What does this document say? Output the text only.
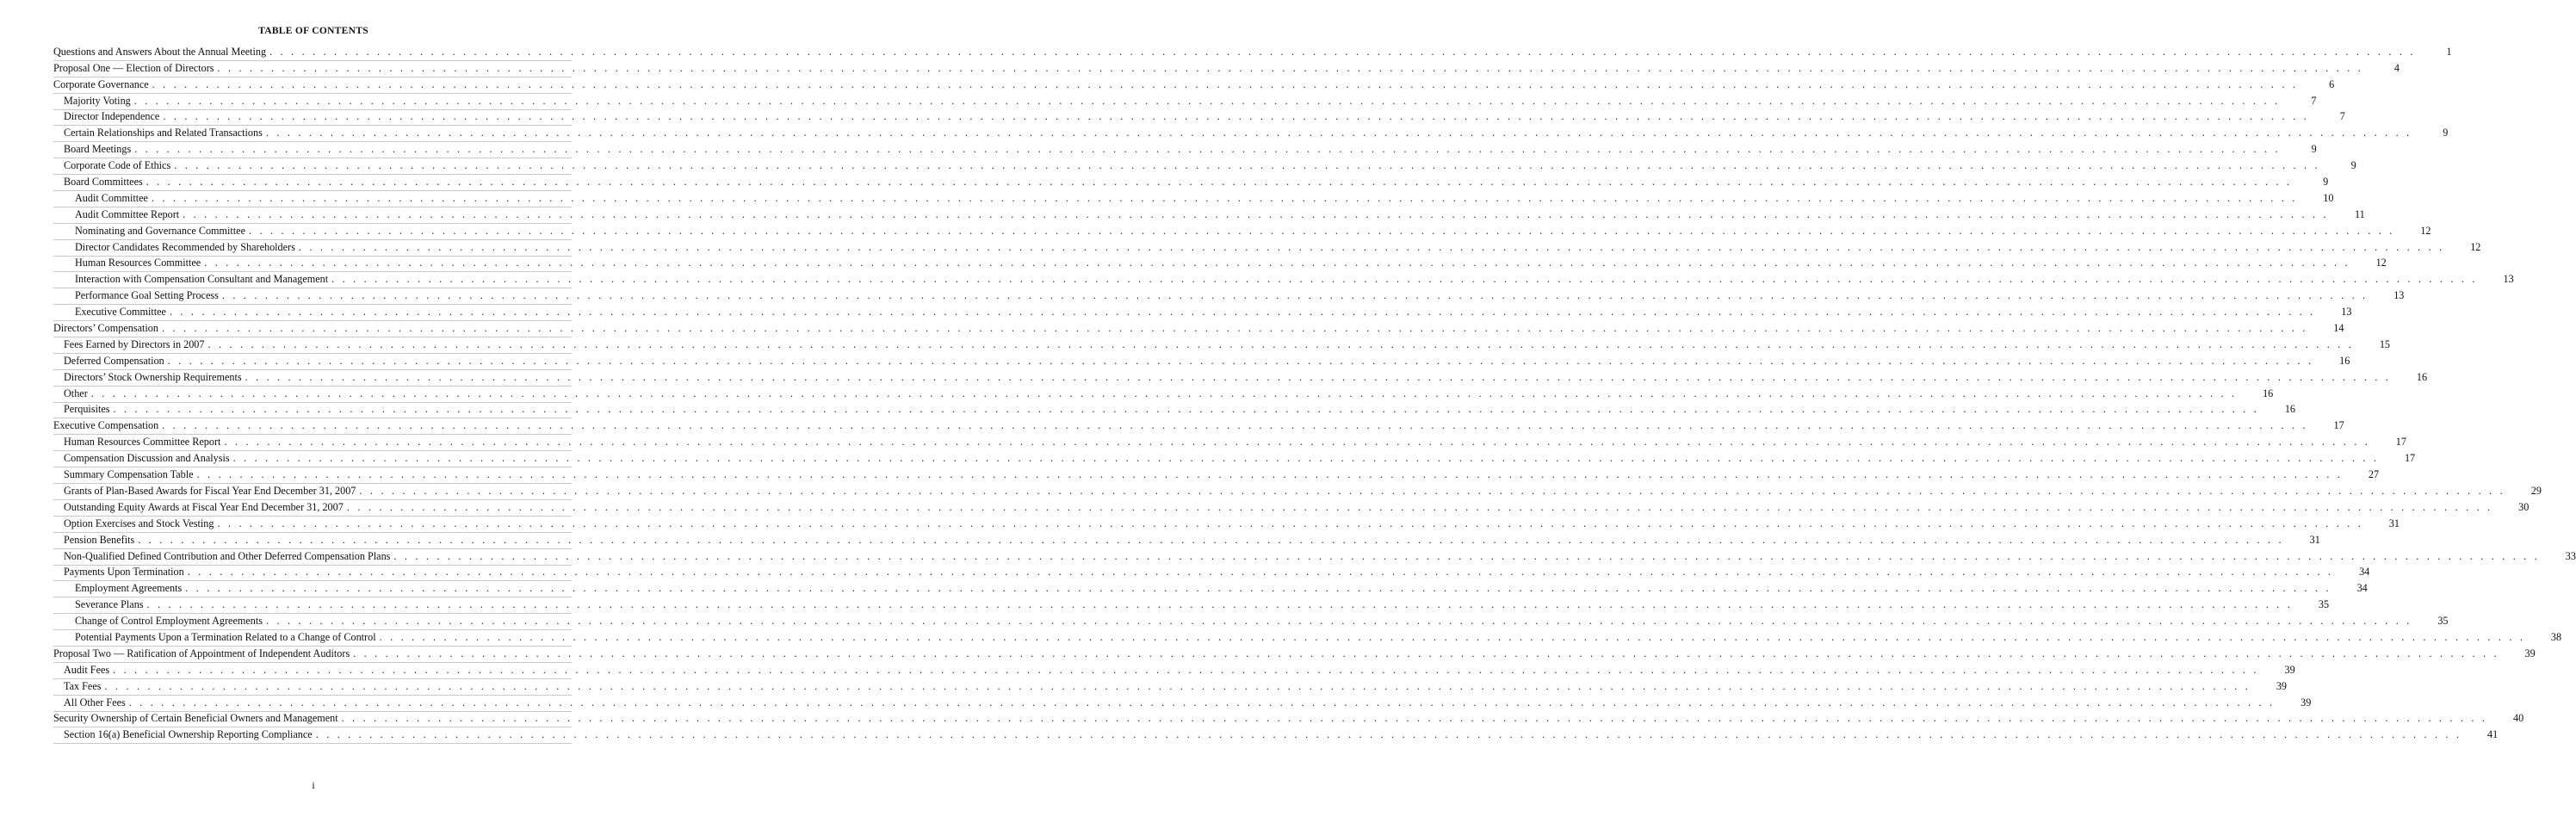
TABLE OF CONTENTS
Questions and Answers About the Annual Meeting . . . . . . . . . . . . . . . . . . . . . . . . . . . . . . . . . . . . . . . . . . . . . . . . . . . . . . . . . . . . . . . . . . . . . . . . . . . . . . . . . . . . . . . . . . . . . . . . . . . . . . . . . . . . . . . . . . . . . . . . . . . . . . . . . . . . . . . . . . . . . . . . . . . . . . . . . . . . . . . . . . . . . . . . . . . . . . . . . . . . . . . . . . . . . . . . . . . . . . . .	1
Proposal One — Election of Directors . . . . . . . . . . . . . . . . . . . . . . . . . . . . . . . . . . . . . . . . . . . . . . . . . . . . . . . . . . . . . . . . . . . . . . . . . . . . . . . . . . . . . . . . . . . . . . . . . . . . . . . . . . . . . . . . . . . . . . . . . . . . . . . . . . . . . . . . . . . . . . . . . . . . . . . . . . . . . . . . . . . . . . . . . . . . . . . . . . . . . . . . . . . . . . . . . . . . . . . .	4
Corporate Governance . . . . . . . . . . . . . . . . . . . . . . . . . . . . . . . . . . . . . . . . . . . . . . . . . . . . . . . . . . . . . . . . . . . . . . . . . . . . . . . . . . . . . . . . . . . . . . . . . . . . . . . . . . . . . . . . . . . . . . . . . . . . . . . . . . . . . . . . . . . . . . . . . . . . . . . . . . . . . . . . . . . . . . . . . . . . . . . . . . . . . . . . . . . . . . . . . . . . . . . .	6
Majority Voting . . . . . . . . . . . . . . . . . . . . . . . . . . . . . . . . . . . . . . . . . . . . . . . . . . . . . . . . . . . . . . . . . . . . . . . . . . . . . . . . . . . . . . . . . . . . . . . . . . . . . . . . . . . . . . . . . . . . . . . . . . . . . . . . . . . . . . . . . . . . . . . . . . . . . . . . . . . . . . . . . . . . . . . . . . . . . . . . . . . . . . . . . . . . . . . . . . . . . . . .	7
Director Independence . . . . . . . . . . . . . . . . . . . . . . . . . . . . . . . . . . . . . . . . . . . . . . . . . . . . . . . . . . . . . . . . . . . . . . . . . . . . . . . . . . . . . . . . . . . . . . . . . . . . . . . . . . . . . . . . . . . . . . . . . . . . . . . . . . . . . . . . . . . . . . . . . . . . . . . . . . . . . . . . . . . . . . . . . . . . . . . . . . . . . . . . . . . . . . . . . . . . . . . .	7
Certain Relationships and Related Transactions . . . . . . . . . . . . . . . . . . . . . . . . . . . . . . . . . . . . . . . . . . . . . . . . . . . . . . . . . . . . . . . . . . . . . . . . . . . . . . . . . . . . . . . . . . . . . . . . . . . . . . . . . . . . . . . . . . . . . . . . . . . . . . . . . . . . . . . . . . . . . . . . . . . . . . . . . . . . . . . . . . . . . . . . . . . . . . . . . . . . . . . . . . . . . . . . . . . . . . . .	9
Board Meetings . . . . . . . . . . . . . . . . . . . . . . . . . . . . . . . . . . . . . . . . . . . . . . . . . . . . . . . . . . . . . . . . . . . . . . . . . . . . . . . . . . . . . . . . . . . . . . . . . . . . . . . . . . . . . . . . . . . . . . . . . . . . . . . . . . . . . . . . . . . . . . . . . . . . . . . . . . . . . . . . . . . . . . . . . . . . . . . . . . . . . . . . . . . . . . . . . . . . . . . .	9
Corporate Code of Ethics . . . . . . . . . . . . . . . . . . . . . . . . . . . . . . . . . . . . . . . . . . . . . . . . . . . . . . . . . . . . . . . . . . . . . . . . . . . . . . . . . . . . . . . . . . . . . . . . . . . . . . . . . . . . . . . . . . . . . . . . . . . . . . . . . . . . . . . . . . . . . . . . . . . . . . . . . . . . . . . . . . . . . . . . . . . . . . . . . . . . . . . . . . . . . . . . . . . . . . . .	9
Board Committees . . . . . . . . . . . . . . . . . . . . . . . . . . . . . . . . . . . . . . . . . . . . . . . . . . . . . . . . . . . . . . . . . . . . . . . . . . . . . . . . . . . . . . . . . . . . . . . . . . . . . . . . . . . . . . . . . . . . . . . . . . . . . . . . . . . . . . . . . . . . . . . . . . . . . . . . . . . . . . . . . . . . . . . . . . . . . . . . . . . . . . . . . . . . . . . . . . . . . . . .	9
Audit Committee . . . . . . . . . . . . . . . . . . . . . . . . . . . . . . . . . . . . . . . . . . . . . . . . . . . . . . . . . . . . . . . . . . . . . . . . . . . . . . . . . . . . . . . . . . . . . . . . . . . . . . . . . . . . . . . . . . . . . . . . . . . . . . . . . . . . . . . . . . . . . . . . . . . . . . . . . . . . . . . . . . . . . . . . . . . . . . . . . . . . . . . . . . . . . . . . . . . . . . . .	10
Audit Committee Report . . . . . . . . . . . . . . . . . . . . . . . . . . . . . . . . . . . . . . . . . . . . . . . . . . . . . . . . . . . . . . . . . . . . . . . . . . . . . . . . . . . . . . . . . . . . . . . . . . . . . . . . . . . . . . . . . . . . . . . . . . . . . . . . . . . . . . . . . . . . . . . . . . . . . . . . . . . . . . . . . . . . . . . . . . . . . . . . . . . . . . . . . . . . . . . . . . . . . . . .	11
Nominating and Governance Committee . . . . . . . . . . . . . . . . . . . . . . . . . . . . . . . . . . . . . . . . . . . . . . . . . . . . . . . . . . . . . . . . . . . . . . . . . . . . . . . . . . . . . . . . . . . . . . . . . . . . . . . . . . . . . . . . . . . . . . . . . . . . . . . . . . . . . . . . . . . . . . . . . . . . . . . . . . . . . . . . . . . . . . . . . . . . . . . . . . . . . . . . . . . . . . . . . . . . . . . .	12
Director Candidates Recommended by Shareholders . . . . . . . . . . . . . . . . . . . . . . . . . . . . . . . . . . . . . . . . . . . . . . . . . . . . . . . . . . . . . . . . . . . . . . . . . . . . . . . . . . . . . . . . . . . . . . . . . . . . . . . . . . . . . . . . . . . . . . . . . . . . . . . . . . . . . . . . . . . . . . . . . . . . . . . . . . . . . . . . . . . . . . . . . . . . . . . . . . . . . . . . . . . . . . . . . . . . . . . .	12
Human Resources Committee . . . . . . . . . . . . . . . . . . . . . . . . . . . . . . . . . . . . . . . . . . . . . . . . . . . . . . . . . . . . . . . . . . . . . . . . . . . . . . . . . . . . . . . . . . . . . . . . . . . . . . . . . . . . . . . . . . . . . . . . . . . . . . . . . . . . . . . . . . . . . . . . . . . . . . . . . . . . . . . . . . . . . . . . . . . . . . . . . . . . . . . . . . . . . . . . . . . . . . . .	12
Interaction with Compensation Consultant and Management . . . . . . . . . . . . . . . . . . . . . . . . . . . . . . . . . . . . . . . . . . . . . . . . . . . . . . . . . . . . . . . . . . . . . . . . . . . . . . . . . . . . . . . . . . . . . . . . . . . . . . . . . . . . . . . . . . . . . . . . . . . . . . . . . . . . . . . . . . . . . . . . . . . . . . . . . . . . . . . . . . . . . . . . . . . . . . . . . . . . . . . . . . . . . . . . . . . . . . . .	13
Performance Goal Setting Process . . . . . . . . . . . . . . . . . . . . . . . . . . . . . . . . . . . . . . . . . . . . . . . . . . . . . . . . . . . . . . . . . . . . . . . . . . . . . . . . . . . . . . . . . . . . . . . . . . . . . . . . . . . . . . . . . . . . . . . . . . . . . . . . . . . . . . . . . . . . . . . . . . . . . . . . . . . . . . . . . . . . . . . . . . . . . . . . . . . . . . . . . . . . . . . . . . . . . . . .	13
Executive Committee . . . . . . . . . . . . . . . . . . . . . . . . . . . . . . . . . . . . . . . . . . . . . . . . . . . . . . . . . . . . . . . . . . . . . . . . . . . . . . . . . . . . . . . . . . . . . . . . . . . . . . . . . . . . . . . . . . . . . . . . . . . . . . . . . . . . . . . . . . . . . . . . . . . . . . . . . . . . . . . . . . . . . . . . . . . . . . . . . . . . . . . . . . . . . . . . . . . . . . . .	13
Directors’ Compensation . . . . . . . . . . . . . . . . . . . . . . . . . . . . . . . . . . . . . . . . . . . . . . . . . . . . . . . . . . . . . . . . . . . . . . . . . . . . . . . . . . . . . . . . . . . . . . . . . . . . . . . . . . . . . . . . . . . . . . . . . . . . . . . . . . . . . . . . . . . . . . . . . . . . . . . . . . . . . . . . . . . . . . . . . . . . . . . . . . . . . . . . . . . . . . . . . . . . . . . .	14
Fees Earned by Directors in 2007 . . . . . . . . . . . . . . . . . . . . . . . . . . . . . . . . . . . . . . . . . . . . . . . . . . . . . . . . . . . . . . . . . . . . . . . . . . . . . . . . . . . . . . . . . . . . . . . . . . . . . . . . . . . . . . . . . . . . . . . . . . . . . . . . . . . . . . . . . . . . . . . . . . . . . . . . . . . . . . . . . . . . . . . . . . . . . . . . . . . . . . . . . . . . . . . . . . . . . . . .	15
Deferred Compensation . . . . . . . . . . . . . . . . . . . . . . . . . . . . . . . . . . . . . . . . . . . . . . . . . . . . . . . . . . . . . . . . . . . . . . . . . . . . . . . . . . . . . . . . . . . . . . . . . . . . . . . . . . . . . . . . . . . . . . . . . . . . . . . . . . . . . . . . . . . . . . . . . . . . . . . . . . . . . . . . . . . . . . . . . . . . . . . . . . . . . . . . . . . . . . . . . . . . . . . .	16
Directors’ Stock Ownership Requirements . . . . . . . . . . . . . . . . . . . . . . . . . . . . . . . . . . . . . . . . . . . . . . . . . . . . . . . . . . . . . . . . . . . . . . . . . . . . . . . . . . . . . . . . . . . . . . . . . . . . . . . . . . . . . . . . . . . . . . . . . . . . . . . . . . . . . . . . . . . . . . . . . . . . . . . . . . . . . . . . . . . . . . . . . . . . . . . . . . . . . . . . . . . . . . . . . . . . . . . .	16
Other . . . . . . . . . . . . . . . . . . . . . . . . . . . . . . . . . . . . . . . . . . . . . . . . . . . . . . . . . . . . . . . . . . . . . . . . . . . . . . . . . . . . . . . . . . . . . . . . . . . . . . . . . . . . . . . . . . . . . . . . . . . . . . . . . . . . . . . . . . . . . . . . . . . . . . . . . . . . . . . . . . . . . . . . . . . . . . . . . . . . . . . . . . . . . . . . . . . . . . . .	16
Perquisites . . . . . . . . . . . . . . . . . . . . . . . . . . . . . . . . . . . . . . . . . . . . . . . . . . . . . . . . . . . . . . . . . . . . . . . . . . . . . . . . . . . . . . . . . . . . . . . . . . . . . . . . . . . . . . . . . . . . . . . . . . . . . . . . . . . . . . . . . . . . . . . . . . . . . . . . . . . . . . . . . . . . . . . . . . . . . . . . . . . . . . . . . . . . . . . . . . . . . . . .	16
Executive Compensation . . . . . . . . . . . . . . . . . . . . . . . . . . . . . . . . . . . . . . . . . . . . . . . . . . . . . . . . . . . . . . . . . . . . . . . . . . . . . . . . . . . . . . . . . . . . . . . . . . . . . . . . . . . . . . . . . . . . . . . . . . . . . . . . . . . . . . . . . . . . . . . . . . . . . . . . . . . . . . . . . . . . . . . . . . . . . . . . . . . . . . . . . . . . . . . . . . . . . . . .	17
Human Resources Committee Report . . . . . . . . . . . . . . . . . . . . . . . . . . . . . . . . . . . . . . . . . . . . . . . . . . . . . . . . . . . . . . . . . . . . . . . . . . . . . . . . . . . . . . . . . . . . . . . . . . . . . . . . . . . . . . . . . . . . . . . . . . . . . . . . . . . . . . . . . . . . . . . . . . . . . . . . . . . . . . . . . . . . . . . . . . . . . . . . . . . . . . . . . . . . . . . . . . . . . . . .	17
Compensation Discussion and Analysis . . . . . . . . . . . . . . . . . . . . . . . . . . . . . . . . . . . . . . . . . . . . . . . . . . . . . . . . . . . . . . . . . . . . . . . . . . . . . . . . . . . . . . . . . . . . . . . . . . . . . . . . . . . . . . . . . . . . . . . . . . . . . . . . . . . . . . . . . . . . . . . . . . . . . . . . . . . . . . . . . . . . . . . . . . . . . . . . . . . . . . . . . . . . . . . . . . . . . . . .	17
Summary Compensation Table . . . . . . . . . . . . . . . . . . . . . . . . . . . . . . . . . . . . . . . . . . . . . . . . . . . . . . . . . . . . . . . . . . . . . . . . . . . . . . . . . . . . . . . . . . . . . . . . . . . . . . . . . . . . . . . . . . . . . . . . . . . . . . . . . . . . . . . . . . . . . . . . . . . . . . . . . . . . . . . . . . . . . . . . . . . . . . . . . . . . . . . . . . . . . . . . . . . . . . . .	27
Grants of Plan-Based Awards for Fiscal Year End December 31, 2007 . . . . . . . . . . . . . . . . . . . . . . . . . . . . . . . . . . . . . . . . . . . . . . . . . . . . . . . . . . . . . . . . . . . . . . . . . . . . . . . . . . . . . . . . . . . . . . . . . . . . . . . . . . . . . . . . . . . . . . . . . . . . . . . . . . . . . . . . . . . . . . . . . . . . . . . . . . . . . . . . . . . . . . . . . . . . . . . . . . . . . . . . . . . . . . . . . . . . . . . .	29
Outstanding Equity Awards at Fiscal Year End December 31, 2007 . . . . . . . . . . . . . . . . . . . . . . . . . . . . . . . . . . . . . . . . . . . . . . . . . . . . . . . . . . . . . . . . . . . . . . . . . . . . . . . . . . . . . . . . . . . . . . . . . . . . . . . . . . . . . . . . . . . . . . . . . . . . . . . . . . . . . . . . . . . . . . . . . . . . . . . . . . . . . . . . . . . . . . . . . . . . . . . . . . . . . . . . . . . . . . . . . . . . . . . .	30
Option Exercises and Stock Vesting . . . . . . . . . . . . . . . . . . . . . . . . . . . . . . . . . . . . . . . . . . . . . . . . . . . . . . . . . . . . . . . . . . . . . . . . . . . . . . . . . . . . . . . . . . . . . . . . . . . . . . . . . . . . . . . . . . . . . . . . . . . . . . . . . . . . . . . . . . . . . . . . . . . . . . . . . . . . . . . . . . . . . . . . . . . . . . . . . . . . . . . . . . . . . . . . . . . . . . . .	31
Pension Benefits . . . . . . . . . . . . . . . . . . . . . . . . . . . . . . . . . . . . . . . . . . . . . . . . . . . . . . . . . . . . . . . . . . . . . . . . . . . . . . . . . . . . . . . . . . . . . . . . . . . . . . . . . . . . . . . . . . . . . . . . . . . . . . . . . . . . . . . . . . . . . . . . . . . . . . . . . . . . . . . . . . . . . . . . . . . . . . . . . . . . . . . . . . . . . . . . . . . . . . . .	31
Non-Qualified Defined Contribution and Other Deferred Compensation Plans . . . . . . . . . . . . . . . . . . . . . . . . . . . . . . . . . . . . . . . . . . . . . . . . . . . . . . . . . . . . . . . . . . . . . . . . . . . . . . . . . . . . . . . . . . . . . . . . . . . . . . . . . . . . . . . . . . . . . . . . . . . . . . . . . . . . . . . . . . . . . . . . . . . . . . . . . . . . . . . . . . . . . . . . . . . . . . . . . . . . . . . . . . . . . . . . . . . . . . . .	33
Payments Upon Termination . . . . . . . . . . . . . . . . . . . . . . . . . . . . . . . . . . . . . . . . . . . . . . . . . . . . . . . . . . . . . . . . . . . . . . . . . . . . . . . . . . . . . . . . . . . . . . . . . . . . . . . . . . . . . . . . . . . . . . . . . . . . . . . . . . . . . . . . . . . . . . . . . . . . . . . . . . . . . . . . . . . . . . . . . . . . . . . . . . . . . . . . . . . . . . . . . . . . . . . .	34
Employment Agreements . . . . . . . . . . . . . . . . . . . . . . . . . . . . . . . . . . . . . . . . . . . . . . . . . . . . . . . . . . . . . . . . . . . . . . . . . . . . . . . . . . . . . . . . . . . . . . . . . . . . . . . . . . . . . . . . . . . . . . . . . . . . . . . . . . . . . . . . . . . . . . . . . . . . . . . . . . . . . . . . . . . . . . . . . . . . . . . . . . . . . . . . . . . . . . . . . . . . . . . .	34
Severance Plans . . . . . . . . . . . . . . . . . . . . . . . . . . . . . . . . . . . . . . . . . . . . . . . . . . . . . . . . . . . . . . . . . . . . . . . . . . . . . . . . . . . . . . . . . . . . . . . . . . . . . . . . . . . . . . . . . . . . . . . . . . . . . . . . . . . . . . . . . . . . . . . . . . . . . . . . . . . . . . . . . . . . . . . . . . . . . . . . . . . . . . . . . . . . . . . . . . . . . . . .	35
Change of Control Employment Agreements . . . . . . . . . . . . . . . . . . . . . . . . . . . . . . . . . . . . . . . . . . . . . . . . . . . . . . . . . . . . . . . . . . . . . . . . . . . . . . . . . . . . . . . . . . . . . . . . . . . . . . . . . . . . . . . . . . . . . . . . . . . . . . . . . . . . . . . . . . . . . . . . . . . . . . . . . . . . . . . . . . . . . . . . . . . . . . . . . . . . . . . . . . . . . . . . . . . . . . . .	35
Potential Payments Upon a Termination Related to a Change of Control . . . . . . . . . . . . . . . . . . . . . . . . . . . . . . . . . . . . . . . . . . . . . . . . . . . . . . . . . . . . . . . . . . . . . . . . . . . . . . . . . . . . . . . . . . . . . . . . . . . . . . . . . . . . . . . . . . . . . . . . . . . . . . . . . . . . . . . . . . . . . . . . . . . . . . . . . . . . . . . . . . . . . . . . . . . . . . . . . . . . . . . . . . . . . . . . . . . . . . . .	38
Proposal Two — Ratification of Appointment of Independent Auditors . . . . . . . . . . . . . . . . . . . . . . . . . . . . . . . . . . . . . . . . . . . . . . . . . . . . . . . . . . . . . . . . . . . . . . . . . . . . . . . . . . . . . . . . . . . . . . . . . . . . . . . . . . . . . . . . . . . . . . . . . . . . . . . . . . . . . . . . . . . . . . . . . . . . . . . . . . . . . . . . . . . . . . . . . . . . . . . . . . . . . . . . . . . . . . . . . . . . . . . .	39
Audit Fees . . . . . . . . . . . . . . . . . . . . . . . . . . . . . . . . . . . . . . . . . . . . . . . . . . . . . . . . . . . . . . . . . . . . . . . . . . . . . . . . . . . . . . . . . . . . . . . . . . . . . . . . . . . . . . . . . . . . . . . . . . . . . . . . . . . . . . . . . . . . . . . . . . . . . . . . . . . . . . . . . . . . . . . . . . . . . . . . . . . . . . . . . . . . . . . . . . . . . . . .	39
Tax Fees . . . . . . . . . . . . . . . . . . . . . . . . . . . . . . . . . . . . . . . . . . . . . . . . . . . . . . . . . . . . . . . . . . . . . . . . . . . . . . . . . . . . . . . . . . . . . . . . . . . . . . . . . . . . . . . . . . . . . . . . . . . . . . . . . . . . . . . . . . . . . . . . . . . . . . . . . . . . . . . . . . . . . . . . . . . . . . . . . . . . . . . . . . . . . . . . . . . . . . . .	39
All Other Fees . . . . . . . . . . . . . . . . . . . . . . . . . . . . . . . . . . . . . . . . . . . . . . . . . . . . . . . . . . . . . . . . . . . . . . . . . . . . . . . . . . . . . . . . . . . . . . . . . . . . . . . . . . . . . . . . . . . . . . . . . . . . . . . . . . . . . . . . . . . . . . . . . . . . . . . . . . . . . . . . . . . . . . . . . . . . . . . . . . . . . . . . . . . . . . . . . . . . . . . .	39
Security Ownership of Certain Beneficial Owners and Management . . . . . . . . . . . . . . . . . . . . . . . . . . . . . . . . . . . . . . . . . . . . . . . . . . . . . . . . . . . . . . . . . . . . . . . . . . . . . . . . . . . . . . . . . . . . . . . . . . . . . . . . . . . . . . . . . . . . . . . . . . . . . . . . . . . . . . . . . . . . . . . . . . . . . . . . . . . . . . . . . . . . . . . . . . . . . . . . . . . . . . . . . . . . . . . . . . . . . . . .	40
Section 16(a) Beneficial Ownership Reporting Compliance . . . . . . . . . . . . . . . . . . . . . . . . . . . . . . . . . . . . . . . . . . . . . . . . . . . . . . . . . . . . . . . . . . . . . . . . . . . . . . . . . . . . . . . . . . . . . . . . . . . . . . . . . . . . . . . . . . . . . . . . . . . . . . . . . . . . . . . . . . . . . . . . . . . . . . . . . . . . . . . . . . . . . . . . . . . . . . . . . . . . . . . . . . . . . . . . . . . . . . . .	41
i
